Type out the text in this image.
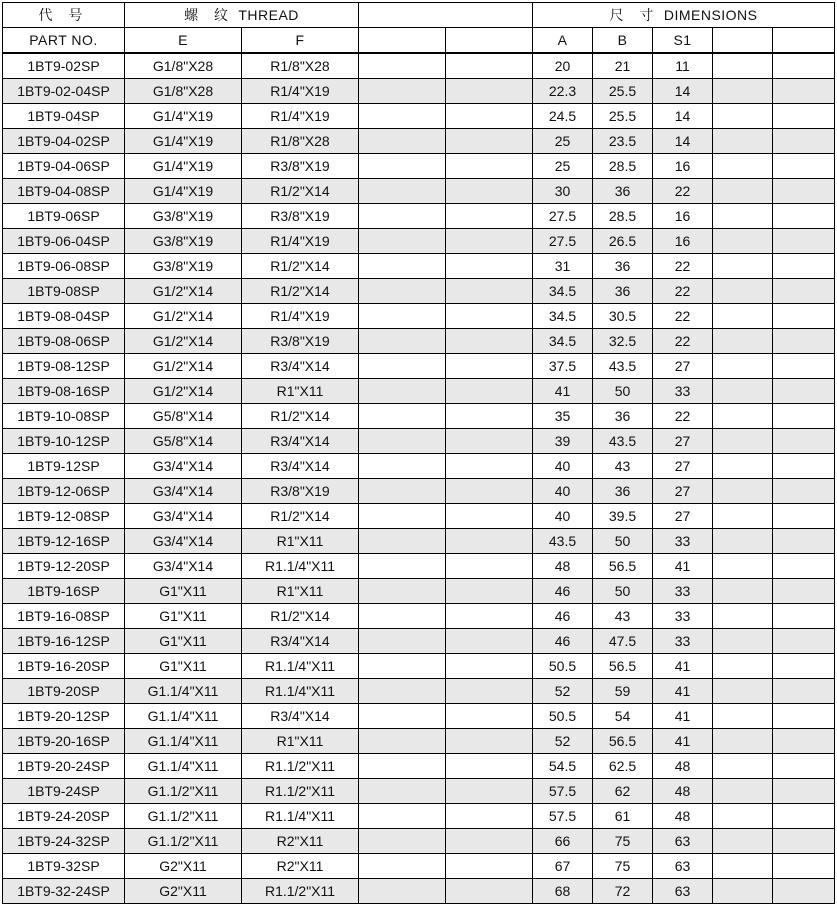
代 号	螺 纹 THREAD				尺 寸 DIMENSIONS				
PART NO.	E	F			A	B	S1		
1BT9-02SP	G1/8"X28	R1/8"X28			20	21	11		
1BT9-02-04SP	G1/8"X28	R1/4"X19			22.3	25.5	14		
1BT9-04SP	G1/4"X19	R1/4"X19			24.5	25.5	14		
1BT9-04-02SP	G1/4"X19	R1/8"X28			25	23.5	14		
1BT9-04-06SP	G1/4"X19	R3/8"X19			25	28.5	16		
1BT9-04-08SP	G1/4"X19	R1/2"X14			30	36	22		
1BT9-06SP	G3/8"X19	R3/8"X19			27.5	28.5	16		
1BT9-06-04SP	G3/8"X19	R1/4"X19			27.5	26.5	16		
1BT9-06-08SP	G3/8"X19	R1/2"X14			31	36	22		
1BT9-08SP	G1/2"X14	R1/2"X14			34.5	36	22		
1BT9-08-04SP	G1/2"X14	R1/4"X19			34.5	30.5	22		
1BT9-08-06SP	G1/2"X14	R3/8"X19			34.5	32.5	22		
1BT9-08-12SP	G1/2"X14	R3/4"X14			37.5	43.5	27		
1BT9-08-16SP	G1/2"X14	R1"X11			41	50	33		
1BT9-10-08SP	G5/8"X14	R1/2"X14			35	36	22		
1BT9-10-12SP	G5/8"X14	R3/4"X14			39	43.5	27		
1BT9-12SP	G3/4"X14	R3/4"X14			40	43	27		
1BT9-12-06SP	G3/4"X14	R3/8"X19			40	36	27		
1BT9-12-08SP	G3/4"X14	R1/2"X14			40	39.5	27		
1BT9-12-16SP	G3/4"X14	R1"X11			43.5	50	33		
1BT9-12-20SP	G3/4"X14	R1.1/4"X11			48	56.5	41		
1BT9-16SP	G1"X11	R1"X11			46	50	33		
1BT9-16-08SP	G1"X11	R1/2"X14			46	43	33		
1BT9-16-12SP	G1"X11	R3/4"X14			46	47.5	33		
1BT9-16-20SP	G1"X11	R1.1/4"X11			50.5	56.5	41		
1BT9-20SP	G1.1/4"X11	R1.1/4"X11			52	59	41		
1BT9-20-12SP	G1.1/4"X11	R3/4"X14			50.5	54	41		
1BT9-20-16SP	G1.1/4"X11	R1"X11			52	56.5	41		
1BT9-20-24SP	G1.1/4"X11	R1.1/2"X11			54.5	62.5	48		
1BT9-24SP	G1.1/2"X11	R1.1/2"X11			57.5	62	48		
1BT9-24-20SP	G1.1/2"X11	R1.1/4"X11			57.5	61	48		
1BT9-24-32SP	G1.1/2"X11	R2"X11			66	75	63		
1BT9-32SP	G2"X11	R2"X11			67	75	63		
1BT9-32-24SP	G2"X11	R1.1/2"X11			68	72	63		
